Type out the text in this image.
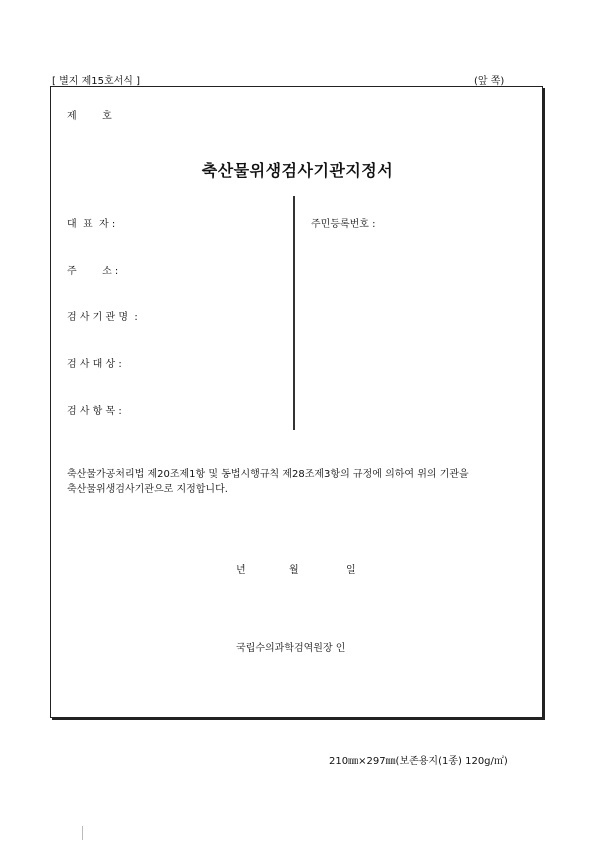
[ 별지 제15호서식 ]	(앞 쪽)
제        호
축산물위생검사기관지정서
대  표  자 :	주민등록번호 :
주        소 :
검 사 기 관 명  :
검 사 대 상 :
검 사 항 목 :
축산물가공처리법 제20조제1항 및 동법시행규칙 제28조제3항의 규정에 의하여 위의 기관을 축산물위생검사기관으로 지정합니다.
년	월	일
국립수의과학검역원장 인
210㎜×297㎜(보존용지(1종) 120g/㎡)
